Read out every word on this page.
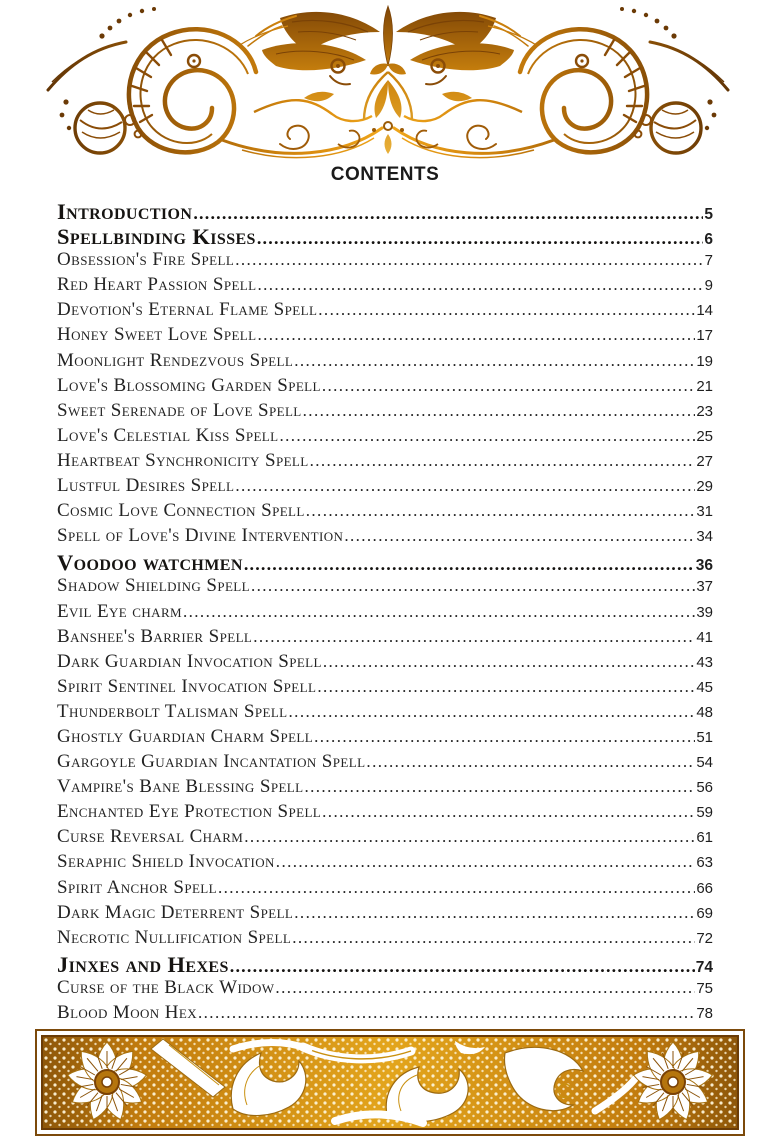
CONTENTS
Introduction .....	5
Spellbinding Kisses .....	6
Obsession's Fire Spell .....	7
Red Heart Passion Spell .....	9
Devotion's Eternal Flame Spell .....	14
Honey Sweet Love Spell .....	17
Moonlight Rendezvous Spell .....	19
Love's Blossoming Garden Spell .....	21
Sweet Serenade of Love Spell .....	23
Love's Celestial Kiss Spell .....	25
Heartbeat Synchronicity Spell .....	27
Lustful Desires Spell .....	29
Cosmic Love Connection Spell .....	31
Spell of Love's Divine Intervention .....	34
Voodoo watchmen .....	36
Shadow Shielding Spell .....	37
Evil Eye charm .....	39
Banshee's Barrier Spell .....	41
Dark Guardian Invocation Spell .....	43
Spirit Sentinel Invocation Spell .....	45
Thunderbolt Talisman Spell .....	48
Ghostly Guardian Charm Spell .....	51
Gargoyle Guardian Incantation Spell .....	54
Vampire's Bane Blessing Spell .....	56
Enchanted Eye Protection Spell .....	59
Curse Reversal Charm .....	61
Seraphic Shield Invocation .....	63
Spirit Anchor Spell .....	66
Dark Magic Deterrent Spell .....	69
Necrotic Nullification Spell .....	72
Jinxes and Hexes .....	74
Curse of the Black Widow .....	75
Blood Moon Hex .....	78
